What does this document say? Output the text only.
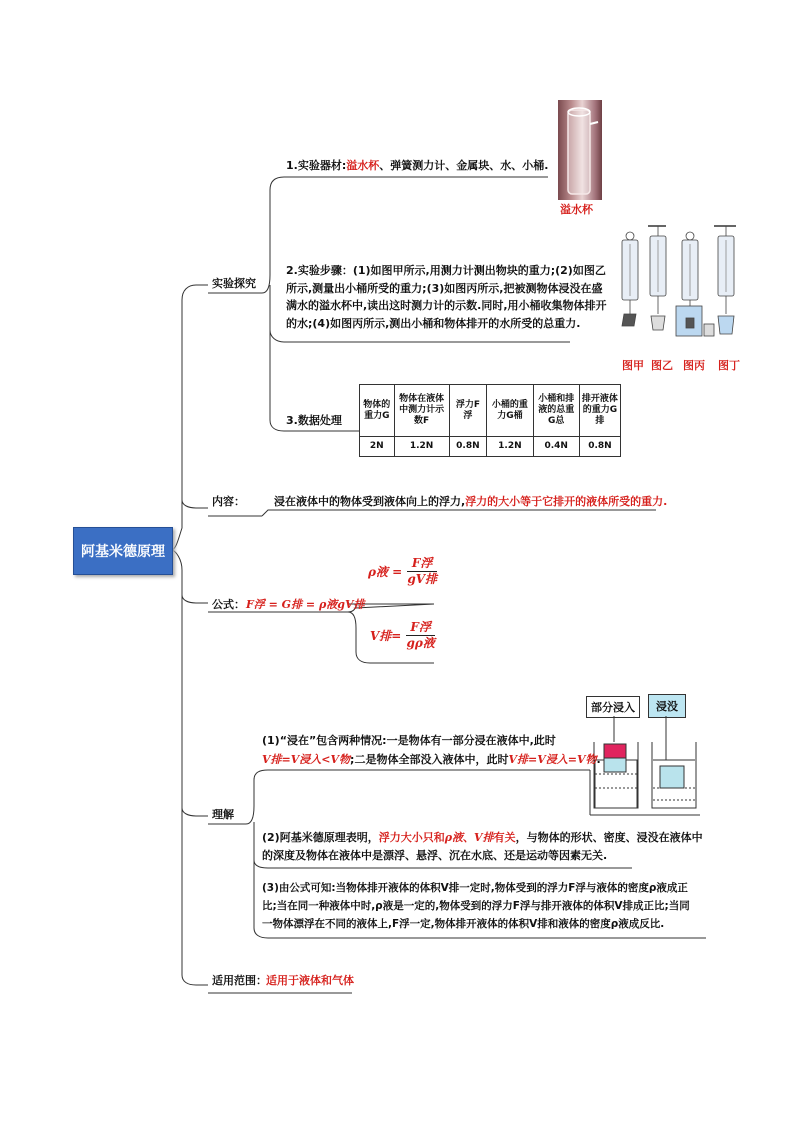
阿基米德原理
实验探究
1.实验器材:溢水杯、弹簧测力计、金属块、水、小桶.
溢水杯
2.实验步骤：(1)如图甲所示,用测力计测出物块的重力;(2)如图乙
所示,测量出小桶所受的重力;(3)如图丙所示,把被测物体浸没在盛
满水的溢水杯中,读出这时测力计的示数.同时,用小桶收集物体排开
的水;(4)如图丙所示,测出小桶和物体排开的水所受的总重力.
图甲 图乙 图丙 图丁
3.数据处理
物体的重力G	物体在液体中测力计示数F	浮力F浮	小桶的重力G桶	小桶和排液的总重G总	排开液体的重力G排
2N	1.2N	0.8N	1.2N	0.4N	0.8N
内容：	浸在液体中的物体受到液体向上的浮力,浮力的大小等于它排开的液体所受的重力.
公式： F浮 = G排 = ρ液gV排
ρ液 = $\frac{\text{F浮}}{\text{gV排}}$
V排= $\frac{\text{F浮}}{\text{gρ液}}$
理解
部分浸入	浸没
(1)“浸在”包含两种情况:一是物体有一部分浸在液体中,此时
V排=V浸入<V物;二是物体全部没入液体中，此时V排=V浸入=V物.
(2)阿基米德原理表明，浮力大小只和ρ液、V排有关，与物体的形状、密度、浸没在液体中
的深度及物体在液体中是漂浮、悬浮、沉在水底、还是运动等因素无关.
(3)由公式可知:当物体排开液体的体积V排一定时,物体受到的浮力F浮与液体的密度ρ液成正
比;当在同一种液体中时,ρ液是一定的,物体受到的浮力F浮与排开液体的体积V排成正比;当同
一物体漂浮在不同的液体上,F浮一定,物体排开液体的体积V排和液体的密度ρ液成反比.
适用范围： 适用于液体和气体
